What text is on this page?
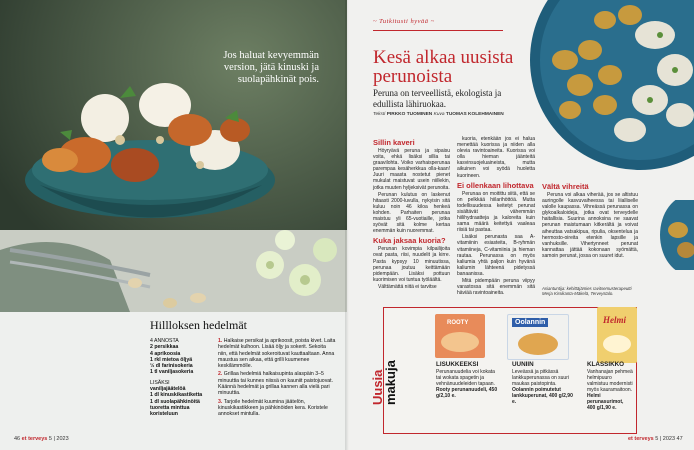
Jos haluat kevyemmän version, jätä kinuski ja suolapähkinät pois.
Hillloksen hedelmät
4 ANNOSTA
2 persikkaa
4 aprikoosia
1 rkl mietoa öljyä
½ dl farinisokeria
1 tl vaniljasokeria
LISÄKSI
vaniljajäätelöä
1 dl kinuskikastiketta
1 dl suolapähkinöitä
tuoretta minttua
koristeluun
1. Halkaise persikat ja aprikoosit, poista kivet. Laita hedelmät kulhoon. Lisää öljy ja sokerit. Sekoita niin, että hedelmät sokeroituvat kauttaaltaan. Anna maustua sen aikaa, että grilli kuumenee keskilämmölle.
2. Grillaa hedelmiä halkaisupinta alaspäin 3–5 minuuttia tai kunnes niissä on kauniit paistojuovat. Käännä hedelmät ja grillaa kannen alla vielä pari minuuttia.
3. Tarjoile hedelmät kuumina jäätelön, kinuskikastikkeen ja pähkinöiden kera. Koristele annokset mintulla.
46 et terveys 5 | 2023
~ Tutkitusti hyvää ~
Kesä alkaa uusista perunoista
Peruna on terveellistä, ekologista ja edullista lähiruokaa.
Teksti PIRKKO TUOMINEN Kuva TUOMAS KOLEHMAINEN
Sillin kaveri

Höyryävä peruna ja sipaisu voita, ehkä lisäksi sillia tai graavilohta. Voiko varhaisperunaa parempaa kesäherkkua olla-kaan! Juuri maasta nostetut pienet mukulat maistuvat usein niillekin, jotka muuten hyljeksivät perunoita.

Perunan kulutus on laskenut hitaasti 2000-luvulla, nykyisin sitä kuluu noin 46 kiloa henkeä kohden. Parhaiten perunaa maistuu yli 65-vuotiaille, jotka syövät sitä kolme kertaa enemmän kuin nuoremmat.

Kuka jaksaa kuoria?

Perunan kovimpia kilpailijoita ovat pasta, riisi, nuudelit ja kirre. Pasta kypsyy 10 minuutissa, perunaa joutuu keittämään pidempään. Lisäksi pottuun kuorimisen voi tuntua työläältä.

Välttämättä niitä ei tarvitse

kuoria, etenkään jos ei halua menettää kuorissa ja niiden alla olevia ravintoaineita. Kuorissa voi olla hieman jäänteitä kasvinsuojeluaineista, mutta aikuinen voi syödä huoletta kuorineen.

Ei ollenkaan lihottava

Perunaa on moitittu siitä, että se on pelkkää hiilarihöttöä. Mutta todellisuudessa keitetyt perunat sisältävät vähemmän hiilihydraatteja ja kaloreita kuin sama määrä keitettyä vaaleaa riisiä tai pastaa.

Lisäksi perunasta saa A-vitamiinin esiasteita, B-ryhmän vitamiineja, C-vitamiinia ja hieman rautaa. Perunassa on myös kaliumia yhtä paljon kuin hyvänä kaliumin lähteenä pidetyssä banaanissa.

Mitä pidempään peruna viipyy varastossa sitä enemmän sitä häviää ravintoaineita.

Vältä vihreitä

Peruna voi alkaa viherää, jos se altistuu auringolle kasvuvaiheessa tai liialliselle valolle kaupassa. Vihreässä perunassa on glykoalkaloideja, jotka ovat terveydelle haitallisia. Suurina annoksina ne saavat perunan maistumaan kitkerältä ja voivat aiheuttaa vatsakipua, ripulia, oksentelua ja hermosto-oireita etenkin lapsille ja vanhuksille. Vihertynneet perunat kannattaa jättää kokonaan syömättä, samoin perunat, jossa on suuret idut.

Asiantuntija: kehittäjämies ravitsemusterapeutti Merja Kirsikanta-Mäkelä, Terveystalo.
Uusia makuja
ROOTY	Oolannin	Helmi
LISUKKEEKSI
Perunanuudelia voi kokata tai wokata spagetin ja vehnänuudeleiden tapaan. Rooty perunanuudeli, 450 g/2,10 e.
UUNIIN
Leveässä ja pitkässä lankkuperunassa on suuri maukas paistopinta. Oolannin poimutetut lankkuperunat, 400 g/2,90 e.
KLASSIKKO
Vanhanajan pehmeä helmipuuro valmistuu modernisti myös kauramaitoon. Helmi perunasurimot, 400 g/1,90 e.
et terveys 5 | 2023 47
